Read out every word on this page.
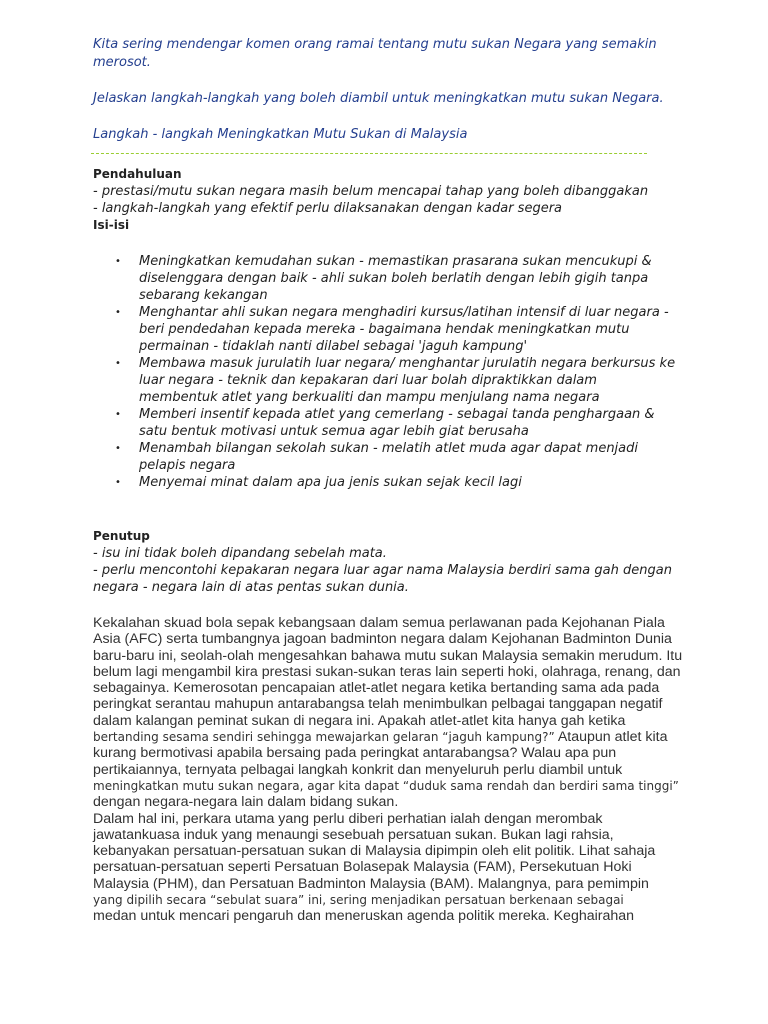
Kita sering mendengar komen orang ramai tentang mutu sukan Negara yang semakin merosot.

Jelaskan langkah-langkah yang boleh diambil untuk meningkatkan mutu sukan Negara.

Langkah - langkah Meningkatkan Mutu Sukan di Malaysia

Pendahuluan

- prestasi/mutu sukan negara masih belum mencapai tahap yang boleh dibanggakan

- langkah-langkah yang efektif perlu dilaksanakan dengan kadar segera

Isi-isi

• Meningkatkan kemudahan sukan - memastikan prasarana sukan mencukupi & diselenggara dengan baik - ahli sukan boleh berlatih dengan lebih gigih tanpa sebarang kekangan
• Menghantar ahli sukan negara menghadiri kursus/latihan intensif di luar negara - beri pendedahan kepada mereka - bagaimana hendak meningkatkan mutu permainan - tidaklah nanti dilabel sebagai 'jaguh kampung'
• Membawa masuk jurulatih luar negara/ menghantar jurulatih negara berkursus ke luar negara - teknik dan kepakaran dari luar bolah dipraktikkan dalam membentuk atlet yang berkualiti dan mampu menjulang nama negara
• Memberi insentif kepada atlet yang cemerlang - sebagai tanda penghargaan & satu bentuk motivasi untuk semua agar lebih giat berusaha
• Menambah bilangan sekolah sukan - melatih atlet muda agar dapat menjadi pelapis negara
• Menyemai minat dalam apa jua jenis sukan sejak kecil lagi

Penutup

- isu ini tidak boleh dipandang sebelah mata.

- perlu mencontohi kepakaran negara luar agar nama Malaysia berdiri sama gah dengan negara - negara lain di atas pentas sukan dunia.

Kekalahan skuad bola sepak kebangsaan dalam semua perlawanan pada Kejohanan Piala Asia (AFC) serta tumbangnya jagoan badminton negara dalam Kejohanan Badminton Dunia baru-baru ini, seolah-olah mengesahkan bahawa mutu sukan Malaysia semakin merudum. Itu belum lagi mengambil kira prestasi sukan-sukan teras lain seperti hoki, olahraga, renang, dan sebagainya. Kemerosotan pencapaian atlet-atlet negara ketika bertanding sama ada pada peringkat serantau mahupun antarabangsa telah menimbulkan pelbagai tanggapan negatif dalam kalangan peminat sukan di negara ini. Apakah atlet-atlet kita hanya gah ketika
bertanding sesama sendiri sehingga mewajarkan gelaran “jaguh kampung?” Ataupun atlet kita kurang bermotivasi apabila bersaing pada peringkat antarabangsa? Walau apa pun pertikaiannya, ternyata pelbagai langkah konkrit dan menyeluruh perlu diambil untuk
meningkatkan mutu sukan negara, agar kita dapat “duduk sama rendah dan berdiri sama tinggi” dengan negara-negara lain dalam bidang sukan.
Dalam hal ini, perkara utama yang perlu diberi perhatian ialah dengan merombak jawatankuasa induk yang menaungi sesebuah persatuan sukan. Bukan lagi rahsia, kebanyakan persatuan-persatuan sukan di Malaysia dipimpin oleh elit politik. Lihat sahaja persatuan-persatuan seperti Persatuan Bolasepak Malaysia (FAM), Persekutuan Hoki Malaysia (PHM), dan Persatuan Badminton Malaysia (BAM). Malangnya, para pemimpin
yang dipilih secara “sebulat suara” ini, sering menjadikan persatuan berkenaan sebagai
medan untuk mencari pengaruh dan meneruskan agenda politik mereka. Keghairahan
